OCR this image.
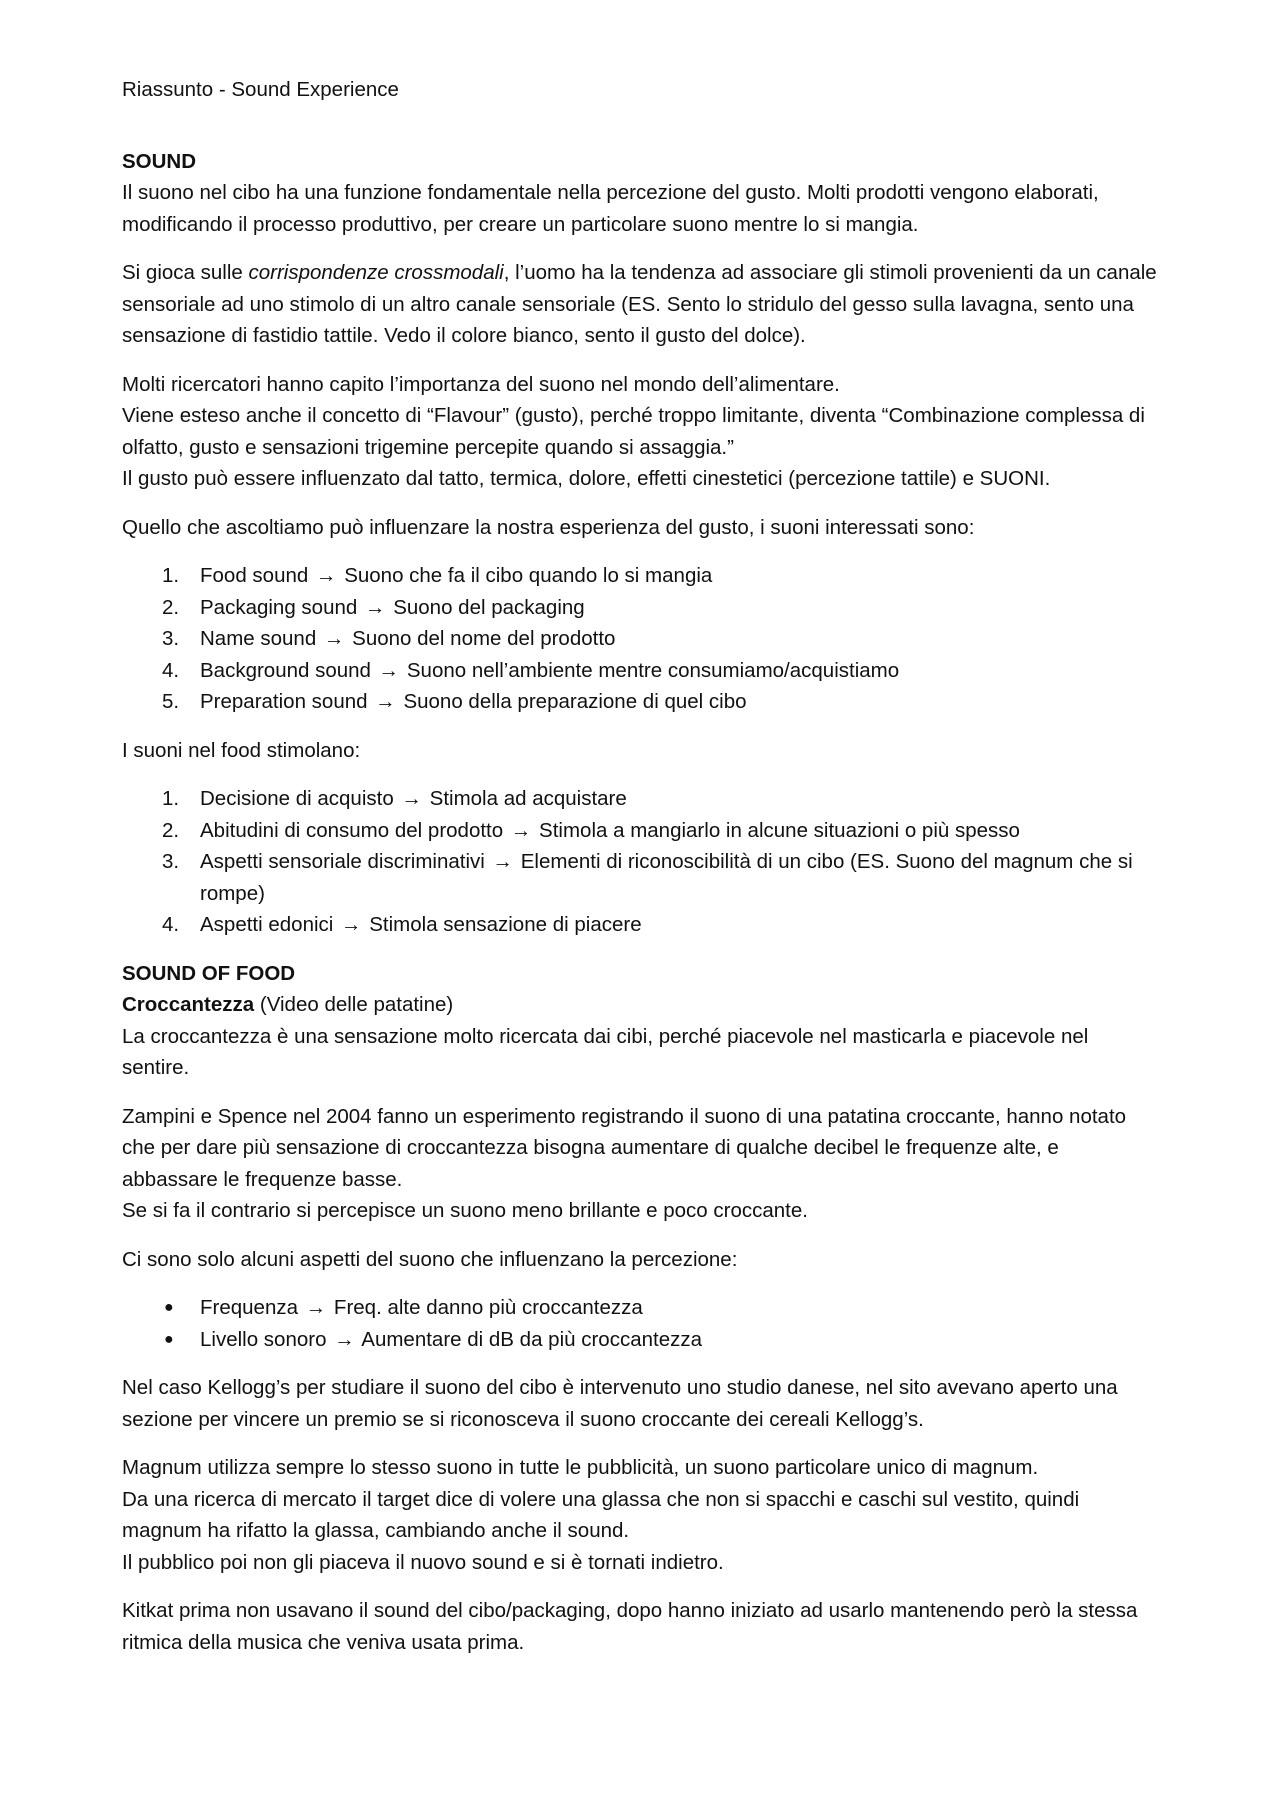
Riassunto - Sound Experience

SOUND

Il suono nel cibo ha una funzione fondamentale nella percezione del gusto. Molti prodotti vengono elaborati, modificando il processo produttivo, per creare un particolare suono mentre lo si mangia.

Si gioca sulle corrispondenze crossmodali, l’uomo ha la tendenza ad associare gli stimoli provenienti da un canale sensoriale ad uno stimolo di un altro canale sensoriale (ES. Sento lo stridulo del gesso sulla lavagna, sento una sensazione di fastidio tattile. Vedo il colore bianco, sento il gusto del dolce).

Molti ricercatori hanno capito l’importanza del suono nel mondo dell’alimentare.
Viene esteso anche il concetto di “Flavour” (gusto), perché troppo limitante, diventa “Combinazione complessa di olfatto, gusto e sensazioni trigemine percepite quando si assaggia.”
Il gusto può essere influenzato dal tatto, termica, dolore, effetti cinestetici (percezione tattile) e SUONI.

Quello che ascoltiamo può influenzare la nostra esperienza del gusto, i suoni interessati sono:

1. Food sound → Suono che fa il cibo quando lo si mangia
2. Packaging sound → Suono del packaging
3. Name sound → Suono del nome del prodotto
4. Background sound → Suono nell’ambiente mentre consumiamo/acquistiamo
5. Preparation sound → Suono della preparazione di quel cibo

I suoni nel food stimolano:

1. Decisione di acquisto → Stimola ad acquistare
2. Abitudini di consumo del prodotto → Stimola a mangiarlo in alcune situazioni o più spesso
3. Aspetti sensoriale discriminativi → Elementi di riconoscibilità di un cibo (ES. Suono del magnum che si rompe)
4. Aspetti edonici → Stimola sensazione di piacere

SOUND OF FOOD

Croccantezza (Video delle patatine)

La croccantezza è una sensazione molto ricercata dai cibi, perché piacevole nel masticarla e piacevole nel sentire.

Zampini e Spence nel 2004 fanno un esperimento registrando il suono di una patatina croccante, hanno notato che per dare più sensazione di croccantezza bisogna aumentare di qualche decibel le frequenze alte, e abbassare le frequenze basse.
Se si fa il contrario si percepisce un suono meno brillante e poco croccante.

Ci sono solo alcuni aspetti del suono che influenzano la percezione:

● Frequenza → Freq. alte danno più croccantezza
● Livello sonoro → Aumentare di dB da più croccantezza

Nel caso Kellogg’s per studiare il suono del cibo è intervenuto uno studio danese, nel sito avevano aperto una sezione per vincere un premio se si riconosceva il suono croccante dei cereali Kellogg’s.

Magnum utilizza sempre lo stesso suono in tutte le pubblicità, un suono particolare unico di magnum.
Da una ricerca di mercato il target dice di volere una glassa che non si spacchi e caschi sul vestito, quindi magnum ha rifatto la glassa, cambiando anche il sound.
Il pubblico poi non gli piaceva il nuovo sound e si è tornati indietro.

Kitkat prima non usavano il sound del cibo/packaging, dopo hanno iniziato ad usarlo mantenendo però la stessa ritmica della musica che veniva usata prima.
